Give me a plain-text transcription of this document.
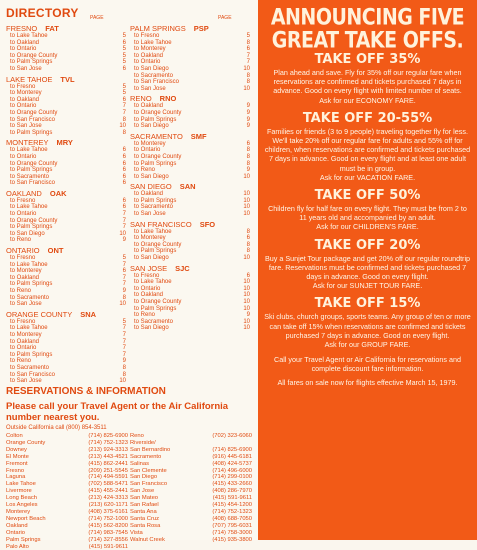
DIRECTORY PAGE	PAGE
FRESNO FAT
to Lake Tahoe	5
to Oakland	6
to Ontario	5
to Orange County	5
to Palm Springs	5
to San Jose	6
LAKE TAHOE TVL
to Fresno	5
to Monterey	5
to Oakland	6
to Ontario	7
to Orange County	7
to San Francisco	8
to San Jose	10
to Palm Springs	8
MONTEREY MRY
to Lake Tahoe	6
to Ontario	6
to Orange County	6
to Palm Springs	6
to Sacramento	6
to San Francisco	6
OAKLAND OAK
to Fresno	6
to Lake Tahoe	6
to Ontario	7
to Orange County	7
to Palm Springs	7
to San Diego	10
to Reno	9
ONTARIO ONT
to Fresno	5
to Lake Tahoe	7
to Monterey	6
to Oakland	7
to Palm Springs	7
to Reno	9
to Sacramento	8
to San Jose	10
ORANGE COUNTY SNA
to Fresno	5
to Lake Tahoe	7
to Monterey	7
to Oakland	7
to Ontario	7
to Palm Springs	7
to Reno	9
to Sacramento	8
to San Francisco	8
to San Jose	10
PALM SPRINGS PSP
to Fresno	5
to Lake Tahoe	8
to Monterey	6
to Oakland	7
to Ontario	7
to San Diego	10
to Sacramento	8
to San Francisco	8
to San Jose	10
RENO RNO
to Oakland	9
to Orange County	9
to Palm Springs	9
to San Diego	9
SACRAMENTO SMF
to Monterey	6
to Ontario	8
to Orange County	8
to Palm Springs	8
to Reno	9
to San Diego	10
SAN DIEGO SAN
to Oakland	10
to Palm Springs	10
to Sacramento	10
to San Jose	10
SAN FRANCISCO SFO
to Lake Tahoe	8
to Monterey	6
to Orange County	8
to Palm Springs	8
to San Diego	10
SAN JOSE SJC
to Fresno	6
to Lake Tahoe	10
to Ontario	10
to Oakland	10
to Orange County	10
to Palm Springs	10
to Reno	9
to Sacramento	10
to San Diego	10
RESERVATIONS & INFORMATION
Please call your Travel Agent or the Air California number nearest you.
Outside California call (800) 854-3511
Colton	(714) 825-6900
Orange County	(714) 752-1323
Downey	(213) 924-3313
El Monte	(213) 443-4521
Fremont	(415) 862-2441
Fresno	(209) 251-5545
Laguna	(714) 494-5591
Lake Tahoe	(702) 588-5471
Livermore	(415) 455-2441
Long Beach	(213) 424-3313
Los Angeles	(213) 620-1171
Monterey	(408) 375-6161
Newport Beach	(714) 752-1000
Oakland	(415) 562-8200
Ontario	(714) 983-7545
Palm Springs	(714) 327-8556
Palo Alto	(415) 591-9611
Reno	(702) 323-6060
Riverside/
San Bernardino	(714) 825-6900
Sacramento	(916) 445-6181
Salinas	(408) 424-5737
San Clemente	(714) 496-6000
San Diego	(714) 299-0100
San Francisco	(415) 433-2660
San Jose	(408) 286-7970
San Mateo	(415) 591-9611
San Rafael	(415) 454-1200
Santa Ana	(714) 752-1323
Santa Cruz	(408) 688-7050
Santa Rosa	(707) 795-6031
Vista	(714) 758-3000
Walnut Creek	(415) 935-3800
ANNOUNCING FIVE GREAT TAKE OFFS.
TAKE OFF 35%
Plan ahead and save. Fly for 35% off our regular fare when reservations are confirmed and tickets purchased 7 days in advance. Good on every flight with limited number of seats.
Ask for our ECONOMY FARE.
TAKE OFF 20-55%
Families or friends (3 to 9 people) traveling together fly for less. We'll take 20% off our regular fare for adults and 55% off for children, when reservations are confirmed and tickets purchased 7 days in advance. Good on every flight and at least one adult must be in group.
Ask for our VACATION FARE.
TAKE OFF 50%
Children fly for half fare on every flight. They must be from 2 to 11 years old and accompanied by an adult.
Ask for our CHILDREN'S FARE.
TAKE OFF 20%
Buy a Sunjet Tour package and get 20% off our regular roundtrip fare. Reservations must be confirmed and tickets purchased 7 days in advance. Good on every flight.
Ask for our SUNJET TOUR FARE.
TAKE OFF 15%
Ski clubs, church groups, sports teams. Any group of ten or more can take off 15% when reservations are confirmed and tickets purchased 7 days in advance. Good on every flight.
Ask for our GROUP FARE.
Call your Travel Agent or Air California for reservations and complete discount fare information.
All fares on sale now for flights effective March 15, 1979.
